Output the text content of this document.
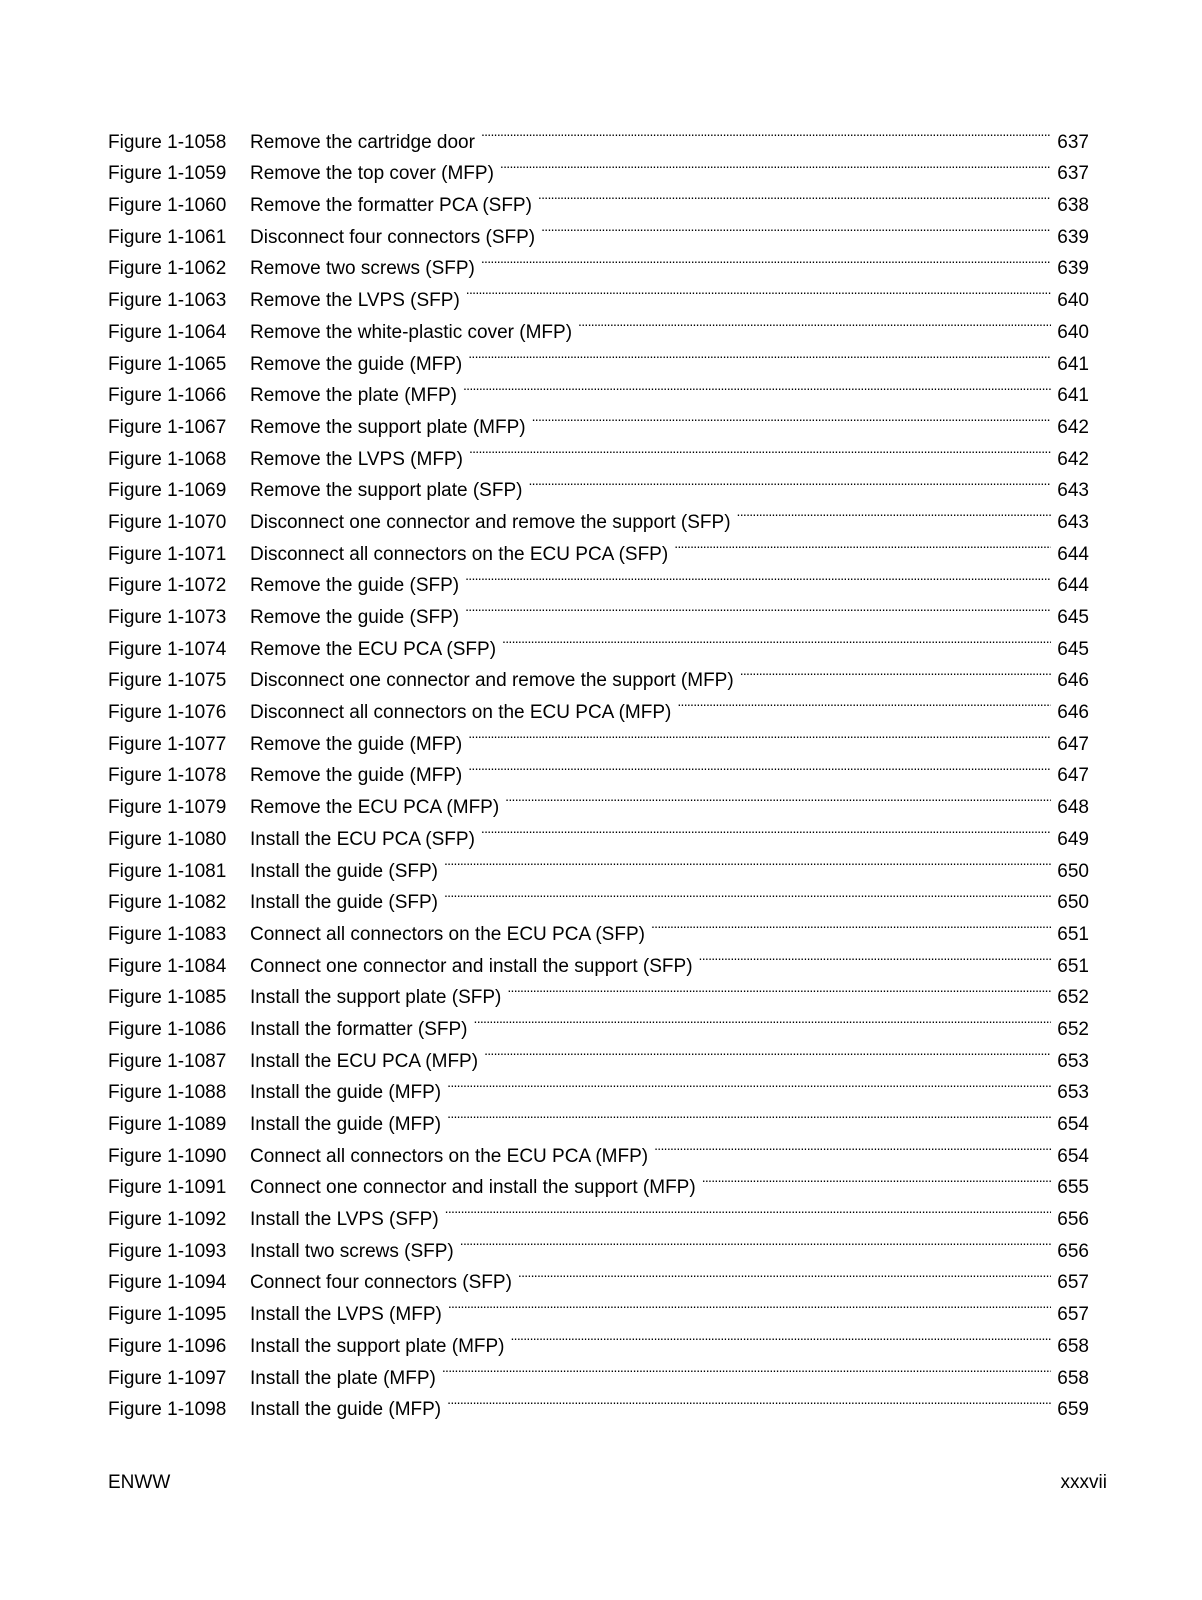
Figure 1-1058	Remove the cartridge door . . .	637
Figure 1-1059	Remove the top cover (MFP) . . .	637
Figure 1-1060	Remove the formatter PCA (SFP) . . .	638
Figure 1-1061	Disconnect four connectors (SFP) . . .	639
Figure 1-1062	Remove two screws (SFP) . . .	639
Figure 1-1063	Remove the LVPS (SFP) . . .	640
Figure 1-1064	Remove the white-plastic cover (MFP) . . .	640
Figure 1-1065	Remove the guide (MFP) . . .	641
Figure 1-1066	Remove the plate (MFP) . . .	641
Figure 1-1067	Remove the support plate (MFP) . . .	642
Figure 1-1068	Remove the LVPS (MFP) . . .	642
Figure 1-1069	Remove the support plate (SFP) . . .	643
Figure 1-1070	Disconnect one connector and remove the support (SFP) . . .	643
Figure 1-1071	Disconnect all connectors on the ECU PCA (SFP) . . .	644
Figure 1-1072	Remove the guide (SFP) . . .	644
Figure 1-1073	Remove the guide (SFP) . . .	645
Figure 1-1074	Remove the ECU PCA (SFP) . . .	645
Figure 1-1075	Disconnect one connector and remove the support (MFP) . . .	646
Figure 1-1076	Disconnect all connectors on the ECU PCA (MFP) . . .	646
Figure 1-1077	Remove the guide (MFP) . . .	647
Figure 1-1078	Remove the guide (MFP) . . .	647
Figure 1-1079	Remove the ECU PCA (MFP) . . .	648
Figure 1-1080	Install the ECU PCA (SFP) . . .	649
Figure 1-1081	Install the guide (SFP) . . .	650
Figure 1-1082	Install the guide (SFP) . . .	650
Figure 1-1083	Connect all connectors on the ECU PCA (SFP) . . .	651
Figure 1-1084	Connect one connector and install the support (SFP) . . .	651
Figure 1-1085	Install the support plate (SFP) . . .	652
Figure 1-1086	Install the formatter (SFP) . . .	652
Figure 1-1087	Install the ECU PCA (MFP) . . .	653
Figure 1-1088	Install the guide (MFP) . . .	653
Figure 1-1089	Install the guide (MFP) . . .	654
Figure 1-1090	Connect all connectors on the ECU PCA (MFP) . . .	654
Figure 1-1091	Connect one connector and install the support (MFP) . . .	655
Figure 1-1092	Install the LVPS (SFP) . . .	656
Figure 1-1093	Install two screws (SFP) . . .	656
Figure 1-1094	Connect four connectors (SFP) . . .	657
Figure 1-1095	Install the LVPS (MFP) . . .	657
Figure 1-1096	Install the support plate (MFP) . . .	658
Figure 1-1097	Install the plate (MFP) . . .	658
Figure 1-1098	Install the guide (MFP) . . .	659
ENWW	xxxvii
